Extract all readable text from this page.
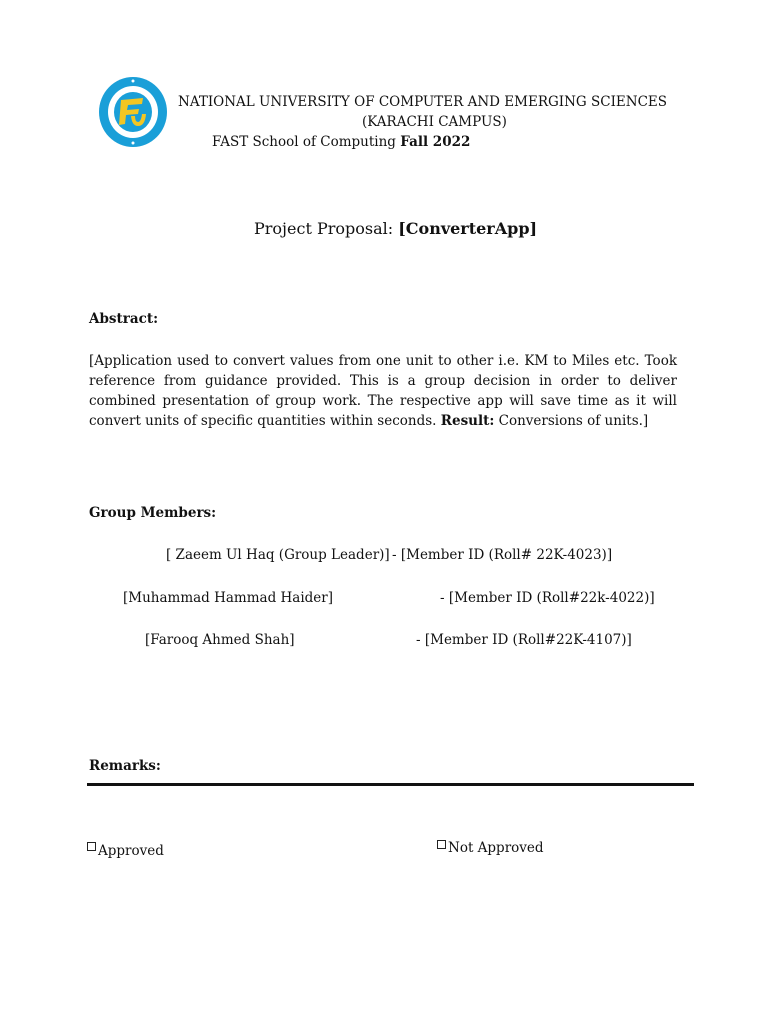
NATIONAL UNIVERSITY OF COMPUTER AND EMERGING SCIENCES
(KARACHI CAMPUS)
FAST School of Computing Fall 2022
Project Proposal: [ConverterApp]
Abstract:
[Application used to convert values from one unit to other i.e. KM to Miles etc. Took reference from guidance provided. This is a group decision in order to deliver combined presentation of group work. The respective app will save time as it will convert units of specific quantities within seconds. Result: Conversions of units.]
Group Members:
[ Zaeem Ul Haq (Group Leader)] - [Member ID (Roll# 22K-4023)]
[Muhammad Hammad Haider]	- [Member ID (Roll#22k-4022)]
[Farooq Ahmed Shah]	- [Member ID (Roll#22K-4107)]
Remarks:
Approved	Not Approved
